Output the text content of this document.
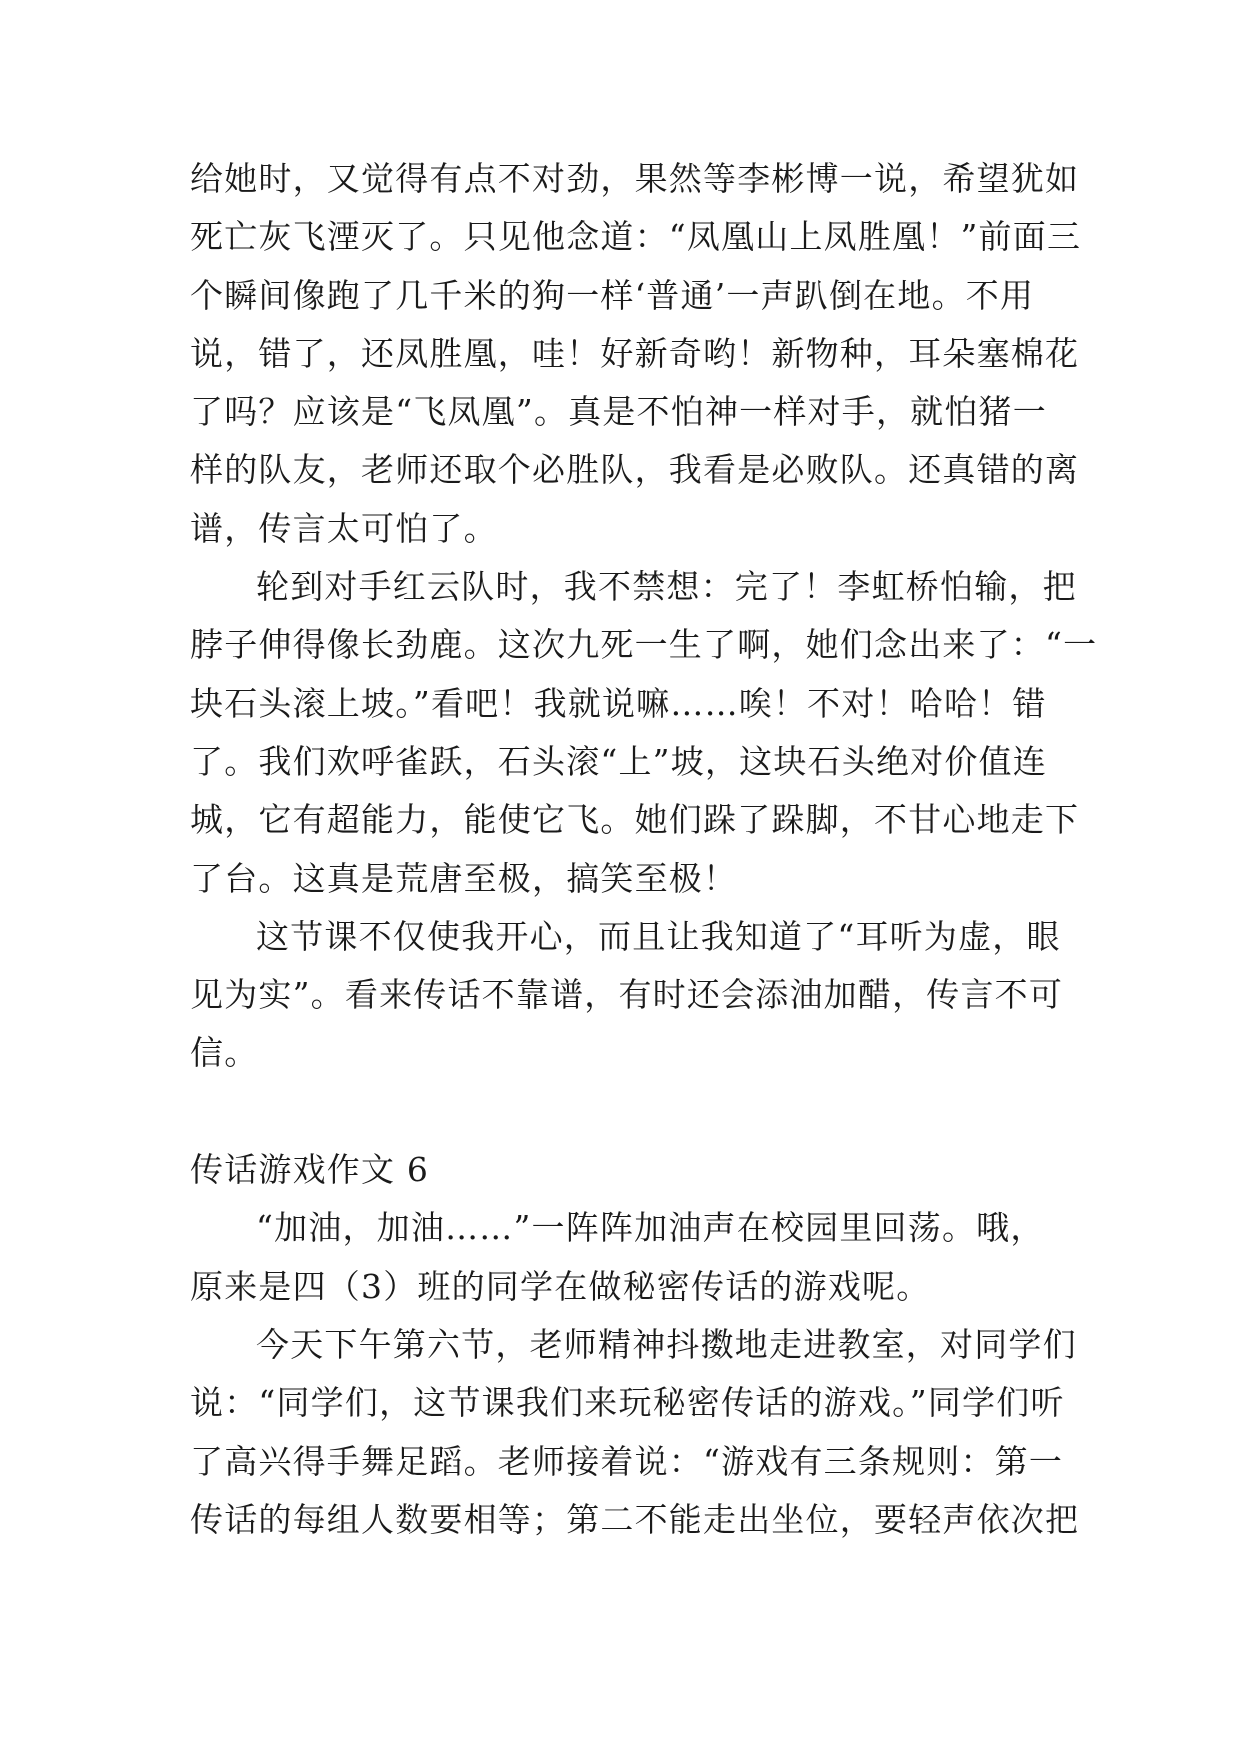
给她时，又觉得有点不对劲，果然等李彬博一说，希望犹如
死亡灰飞湮灭了。只见他念道：“凤凰山上凤胜凰！”前面三
个瞬间像跑了几千米的狗一样‘普通’一声趴倒在地。不用
说，错了，还凤胜凰，哇！好新奇哟！新物种，耳朵塞棉花
了吗？应该是“飞凤凰”。真是不怕神一样对手，就怕猪一
样的队友，老师还取个必胜队，我看是必败队。还真错的离
谱，传言太可怕了。
轮到对手红云队时，我不禁想：完了！李虹桥怕输，把
脖子伸得像长劲鹿。这次九死一生了啊，她们念出来了：“一
块石头滚上坡。”看吧！我就说嘛……唉！不对！哈哈！错
了。我们欢呼雀跃，石头滚“上”坡，这块石头绝对价值连
城，它有超能力，能使它飞。她们跺了跺脚，不甘心地走下
了台。这真是荒唐至极，搞笑至极！
这节课不仅使我开心，而且让我知道了“耳听为虚，眼
见为实”。看来传话不靠谱，有时还会添油加醋，传言不可
信。
传话游戏作文 6
“加油，加油……”一阵阵加油声在校园里回荡。哦，
原来是四（3）班的同学在做秘密传话的游戏呢。
今天下午第六节，老师精神抖擞地走进教室，对同学们
说：“同学们，这节课我们来玩秘密传话的游戏。”同学们听
了高兴得手舞足蹈。老师接着说：“游戏有三条规则：第一
传话的每组人数要相等；第二不能走出坐位，要轻声依次把
